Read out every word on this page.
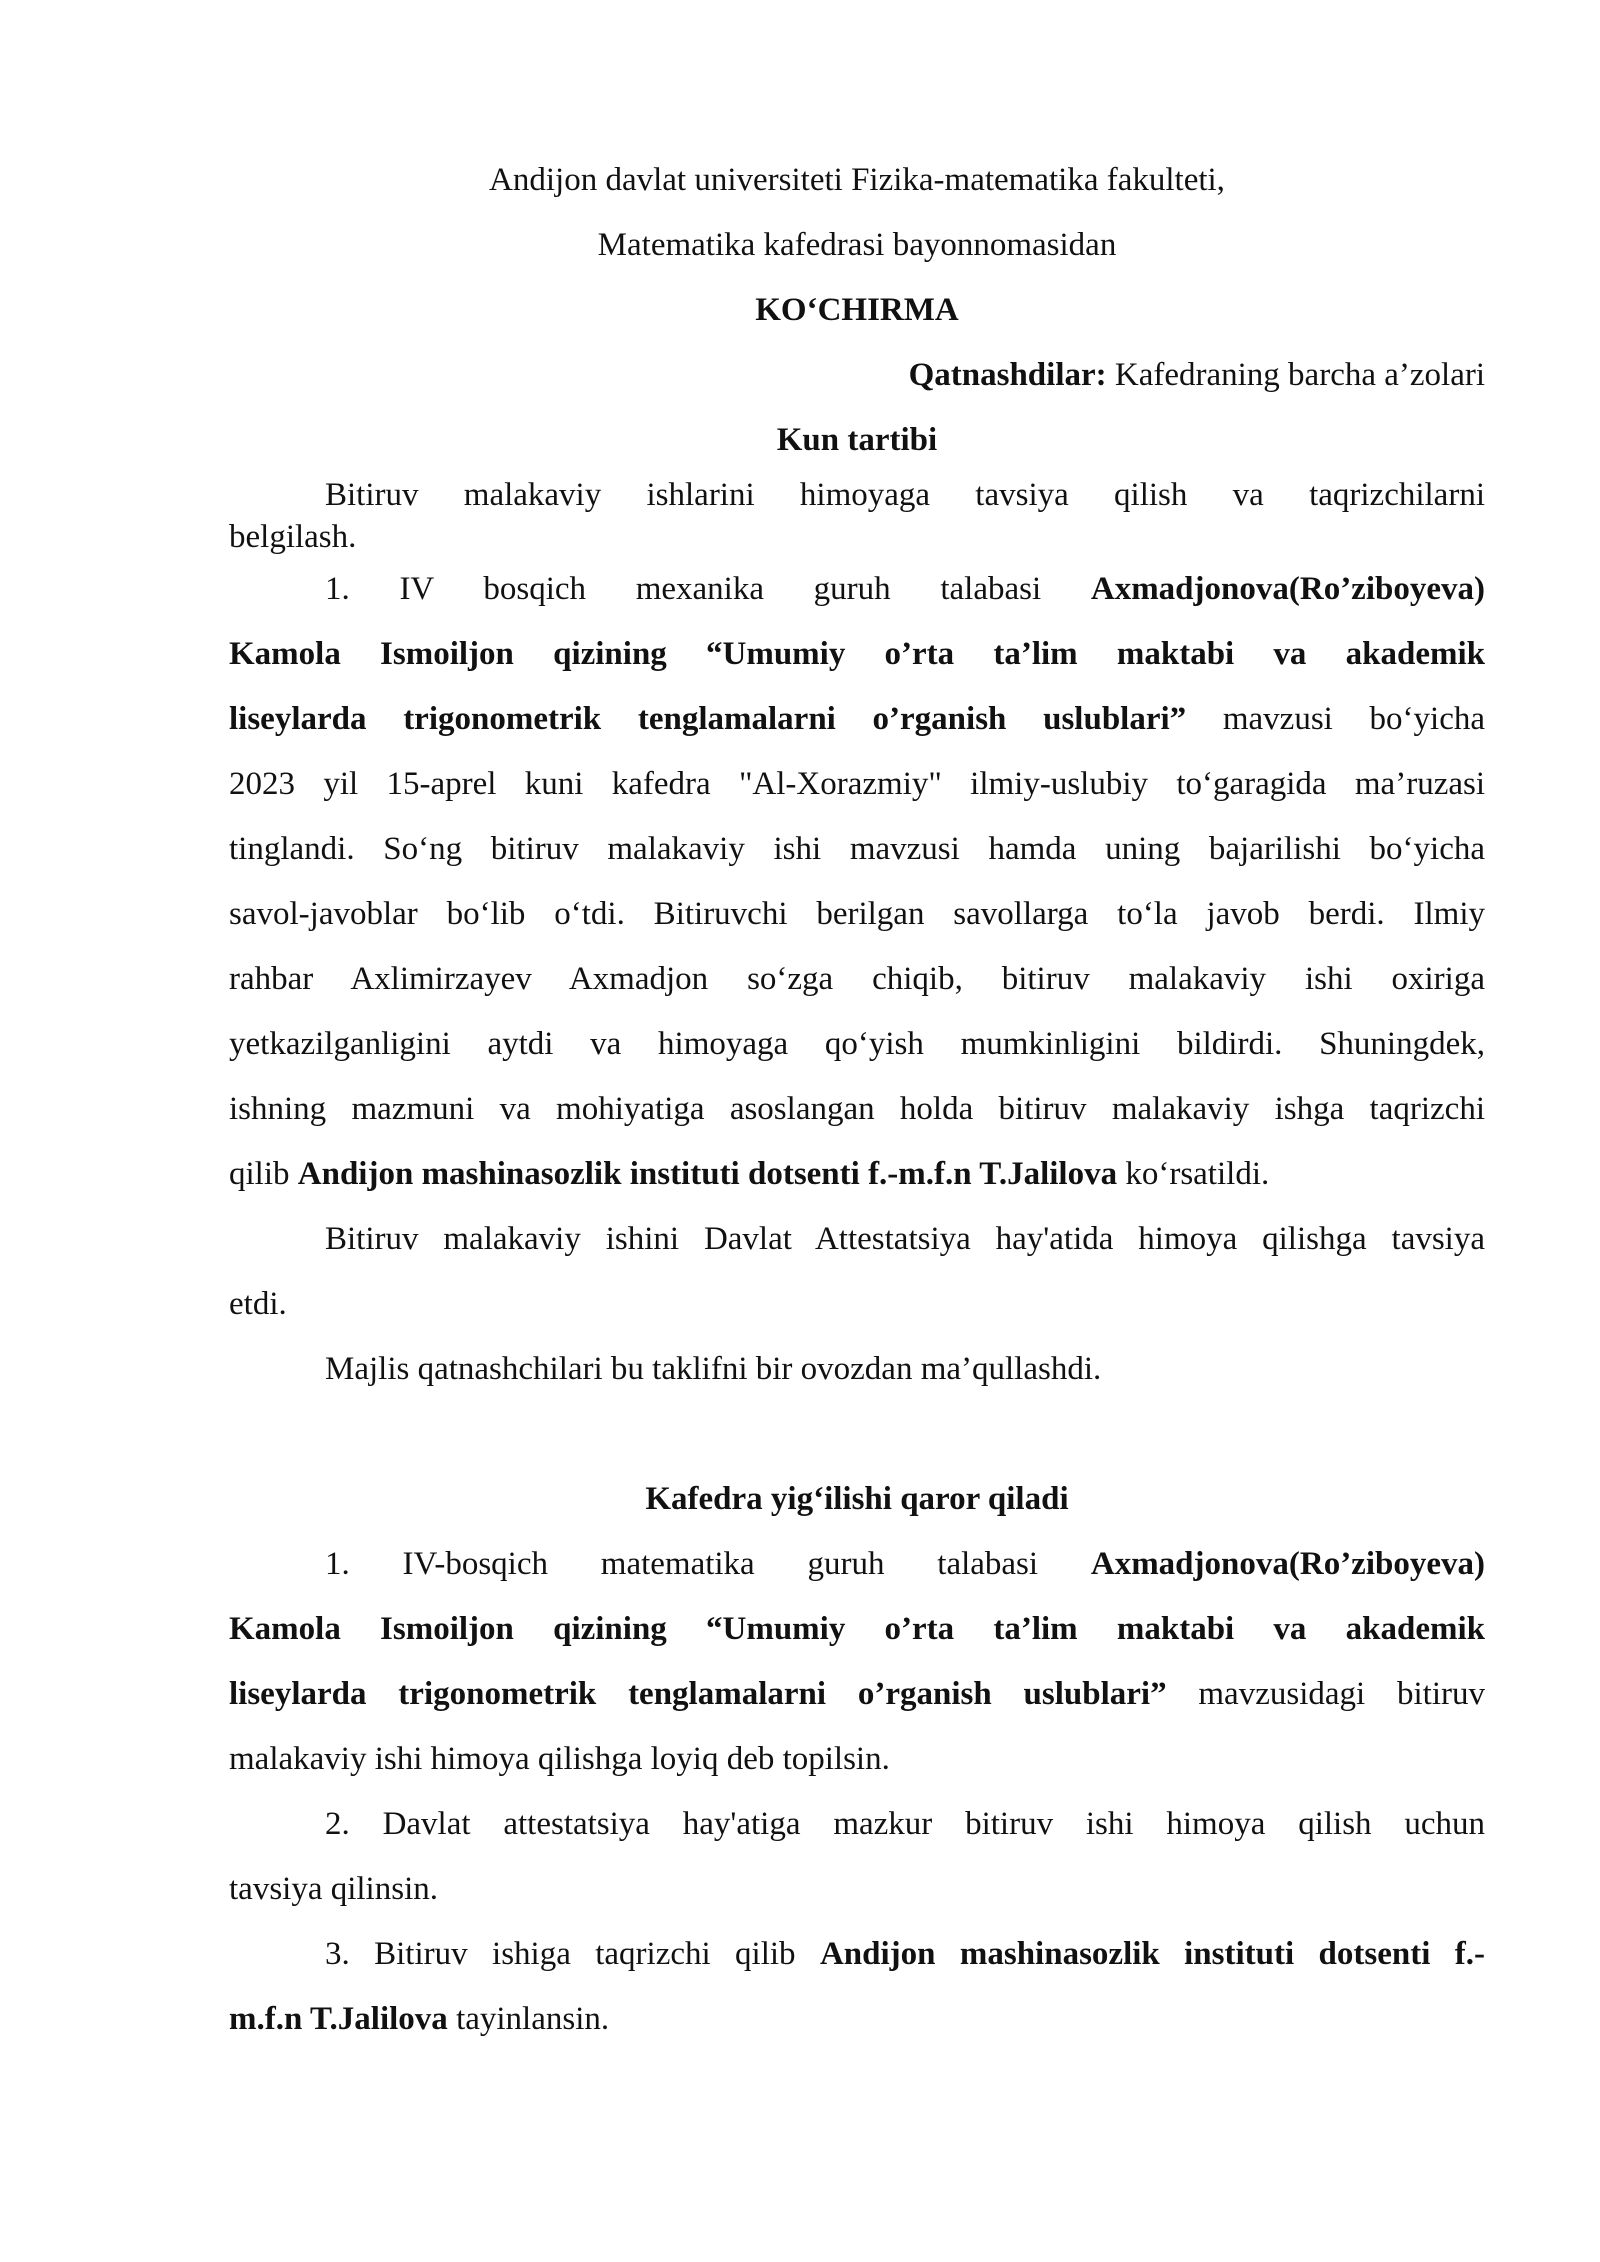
Andijon davlat universiteti Fizika-matematika fakulteti,
Matematika kafedrasi bayonnomasidan
KO‘CHIRMA
Qatnashdilar: Kafedraning barcha a’zolari
Kun tartibi
Bitiruv malakaviy ishlarini himoyaga tavsiya qilish va taqrizchilarni
belgilash.
1. IV bosqich mexanika guruh talabasi Axmadjonova(Ro’ziboyeva)
Kamola Ismoiljon qizining “Umumiy o’rta ta’lim maktabi va akademik
liseylarda trigonometrik tenglamalarni o’rganish uslublari” mavzusi bo‘yicha
2023 yil 15-aprel kuni kafedra "Al-Xorazmiy" ilmiy-uslubiy to‘garagida ma’ruzasi
tinglandi. So‘ng bitiruv malakaviy ishi mavzusi hamda uning bajarilishi bo‘yicha
savol-javoblar bo‘lib o‘tdi. Bitiruvchi berilgan savollarga to‘la javob berdi. Ilmiy
rahbar Axlimirzayev Axmadjon so‘zga chiqib, bitiruv malakaviy ishi oxiriga
yetkazilganligini aytdi va himoyaga qo‘yish mumkinligini bildirdi. Shuningdek,
ishning mazmuni va mohiyatiga asoslangan holda bitiruv malakaviy ishga taqrizchi
qilib Andijon mashinasozlik instituti dotsenti f.-m.f.n T.Jalilova ko‘rsatildi.
Bitiruv malakaviy ishini Davlat Attestatsiya hay'atida himoya qilishga tavsiya
etdi.
Majlis qatnashchilari bu taklifni bir ovozdan ma’qullashdi.
Kafedra yig‘ilishi qaror qiladi
1. IV-bosqich matematika guruh talabasi Axmadjonova(Ro’ziboyeva)
Kamola Ismoiljon qizining “Umumiy o’rta ta’lim maktabi va akademik
liseylarda trigonometrik tenglamalarni o’rganish uslublari” mavzusidagi bitiruv
malakaviy ishi himoya qilishga loyiq deb topilsin.
2. Davlat attestatsiya hay'atiga mazkur bitiruv ishi himoya qilish uchun
tavsiya qilinsin.
3. Bitiruv ishiga taqrizchi qilib Andijon mashinasozlik instituti dotsenti f.-
m.f.n T.Jalilova tayinlansin.
